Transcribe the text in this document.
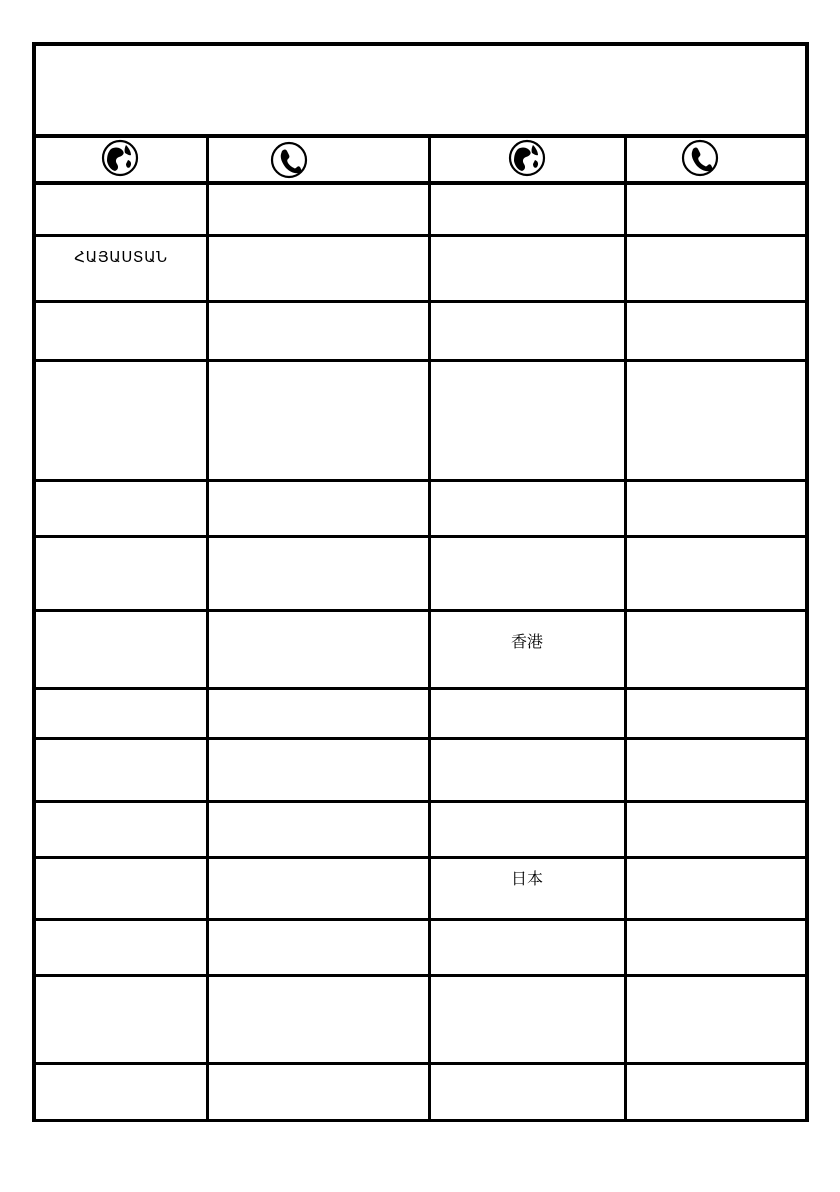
ՀԱՅԱՍՏԱՆ
香港
日本
